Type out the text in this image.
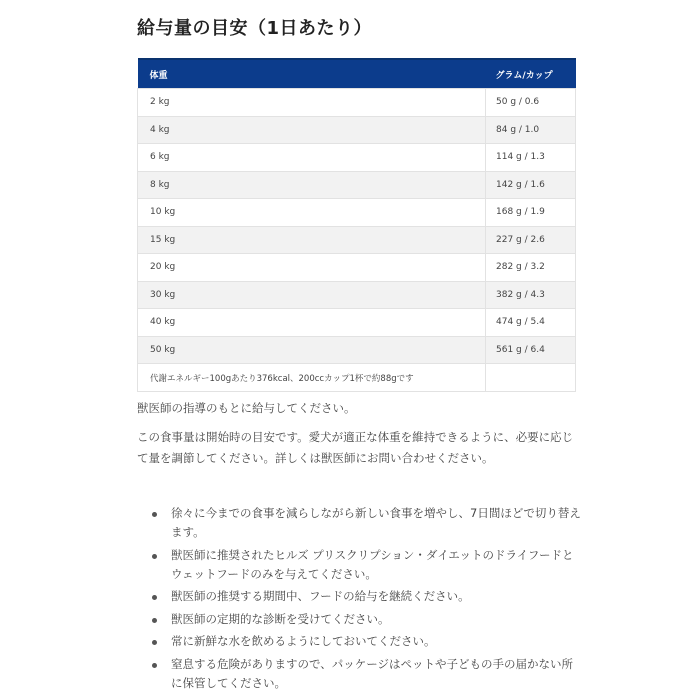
給与量の目安（1日あたり）
体重	グラム/カップ
2 kg	50 g / 0.6
4 kg	84 g / 1.0
6 kg	114 g / 1.3
8 kg	142 g / 1.6
10 kg	168 g / 1.9
15 kg	227 g / 2.6
20 kg	282 g / 3.2
30 kg	382 g / 4.3
40 kg	474 g / 5.4
50 kg	561 g / 6.4
代謝エネルギー100gあたり376kcal、200ccカップ1杯で約88gです	

獣医師の指導のもとに給与してください。

この食事量は開始時の目安です。愛犬が適正な体重を維持できるように、必要に応じて量を調節してください。詳しくは獣医師にお問い合わせください。

徐々に今までの食事を減らしながら新しい食事を増やし、7日間ほどで切り替えます。
獣医師に推奨されたヒルズ プリスクリプション・ダイエットのドライフードとウェットフードのみを与えてください。
獣医師の推奨する期間中、フードの給与を継続ください。
獣医師の定期的な診断を受けてください。
常に新鮮な水を飲めるようにしておいてください。
窒息する危険がありますので、パッケージはペットや子どもの手の届かない所に保管してください。
